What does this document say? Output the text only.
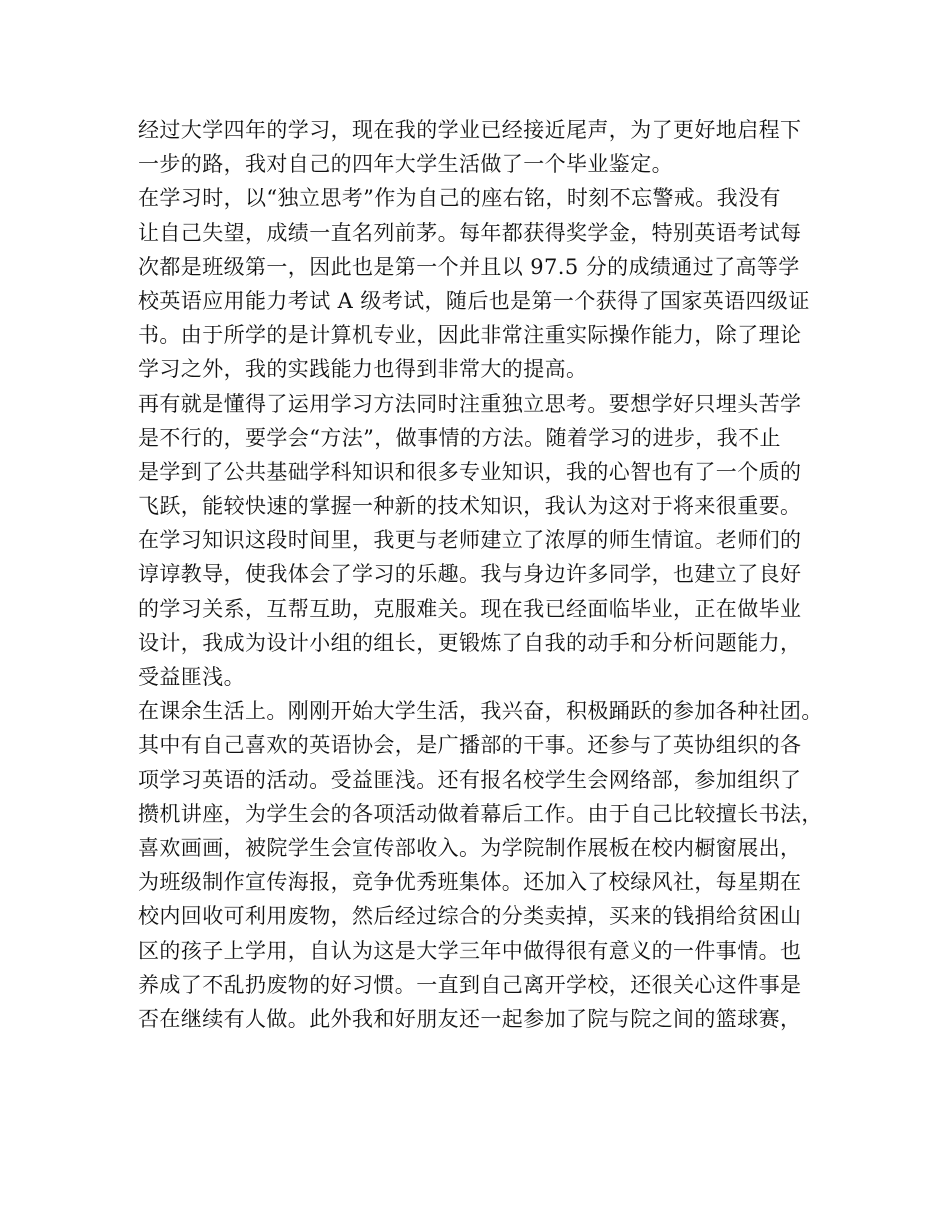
经过大学四年的学习，现在我的学业已经接近尾声，为了更好地启程下
一步的路，我对自己的四年大学生活做了一个毕业鉴定。
在学习时，以“独立思考”作为自己的座右铭，时刻不忘警戒。我没有
让自己失望，成绩一直名列前茅。每年都获得奖学金，特别英语考试每
次都是班级第一，因此也是第一个并且以 97.5 分的成绩通过了高等学
校英语应用能力考试 A 级考试，随后也是第一个获得了国家英语四级证
书。由于所学的是计算机专业，因此非常注重实际操作能力，除了理论
学习之外，我的实践能力也得到非常大的提高。
再有就是懂得了运用学习方法同时注重独立思考。要想学好只埋头苦学
是不行的，要学会“方法”，做事情的方法。随着学习的进步，我不止
是学到了公共基础学科知识和很多专业知识，我的心智也有了一个质的
飞跃，能较快速的掌握一种新的技术知识，我认为这对于将来很重要。
在学习知识这段时间里，我更与老师建立了浓厚的师生情谊。老师们的
谆谆教导，使我体会了学习的乐趣。我与身边许多同学，也建立了良好
的学习关系，互帮互助，克服难关。现在我已经面临毕业，正在做毕业
设计，我成为设计小组的组长，更锻炼了自我的动手和分析问题能力，
受益匪浅。
在课余生活上。刚刚开始大学生活，我兴奋，积极踊跃的参加各种社团。
其中有自己喜欢的英语协会，是广播部的干事。还参与了英协组织的各
项学习英语的活动。受益匪浅。还有报名校学生会网络部，参加组织了
攒机讲座，为学生会的各项活动做着幕后工作。由于自己比较擅长书法，
喜欢画画，被院学生会宣传部收入。为学院制作展板在校内橱窗展出，
为班级制作宣传海报，竞争优秀班集体。还加入了校绿风社，每星期在
校内回收可利用废物，然后经过综合的分类卖掉，买来的钱捐给贫困山
区的孩子上学用，自认为这是大学三年中做得很有意义的一件事情。也
养成了不乱扔废物的好习惯。一直到自己离开学校，还很关心这件事是
否在继续有人做。此外我和好朋友还一起参加了院与院之间的篮球赛，
